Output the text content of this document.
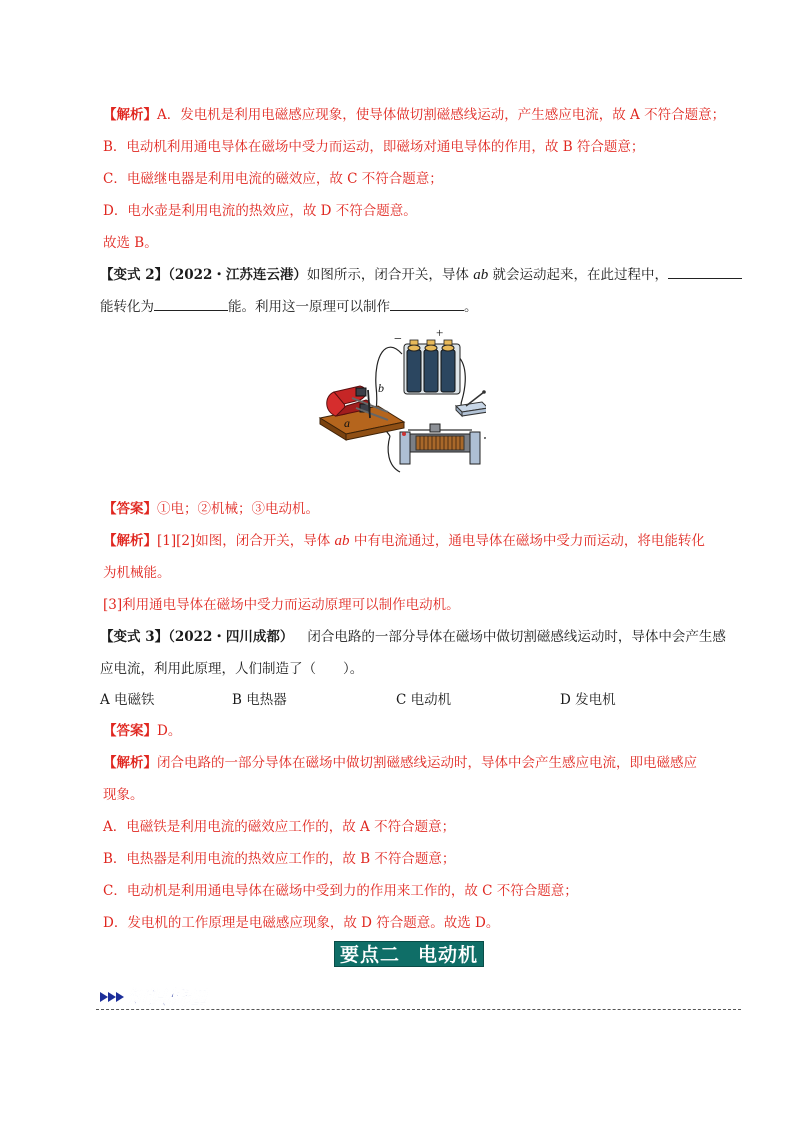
【解析】A．发电机是利用电磁感应现象，使导体做切割磁感线运动，产生感应电流，故 A 不符合题意；
B．电动机利用通电导体在磁场中受力而运动，即磁场对通电导体的作用，故 B 符合题意；
C．电磁继电器是利用电流的磁效应，故 C 不符合题意；
D．电水壶是利用电流的热效应，故 D 不符合题意。
故选 B。
【变式 2】（2022・江苏连云港）如图所示，闭合开关，导体 ab 就会运动起来，在此过程中，
能转化为	能。利用这一原理可以制作	。
−	+
b
a
【答案】①电；②机械；③电动机。
【解析】[1][2]如图，闭合开关，导体 ab 中有电流通过，通电导体在磁场中受力而运动，将电能转化
为机械能。
[3]利用通电导体在磁场中受力而运动原理可以制作电动机。
【变式 3】（2022・四川成都） 闭合电路的一部分导体在磁场中做切割磁感线运动时，导体中会产生感
应电流，利用此原理，人们制造了（　　）。
A 电磁铁	B 电热器	C 电动机	D 发电机
【答案】D。
【解析】闭合电路的一部分导体在磁场中做切割磁感线运动时，导体中会产生感应电流，即电磁感应
现象。
A．电磁铁是利用电流的磁效应工作的，故 A 不符合题意；
B．电热器是利用电流的热效应工作的，故 B 不符合题意；
C．电动机是利用通电导体在磁场中受到力的作用来工作的，故 C 不符合题意；
D．发电机的工作原理是电磁感应现象，故 D 符合题意。故选 D。
要点二 电动机
知识梳理
